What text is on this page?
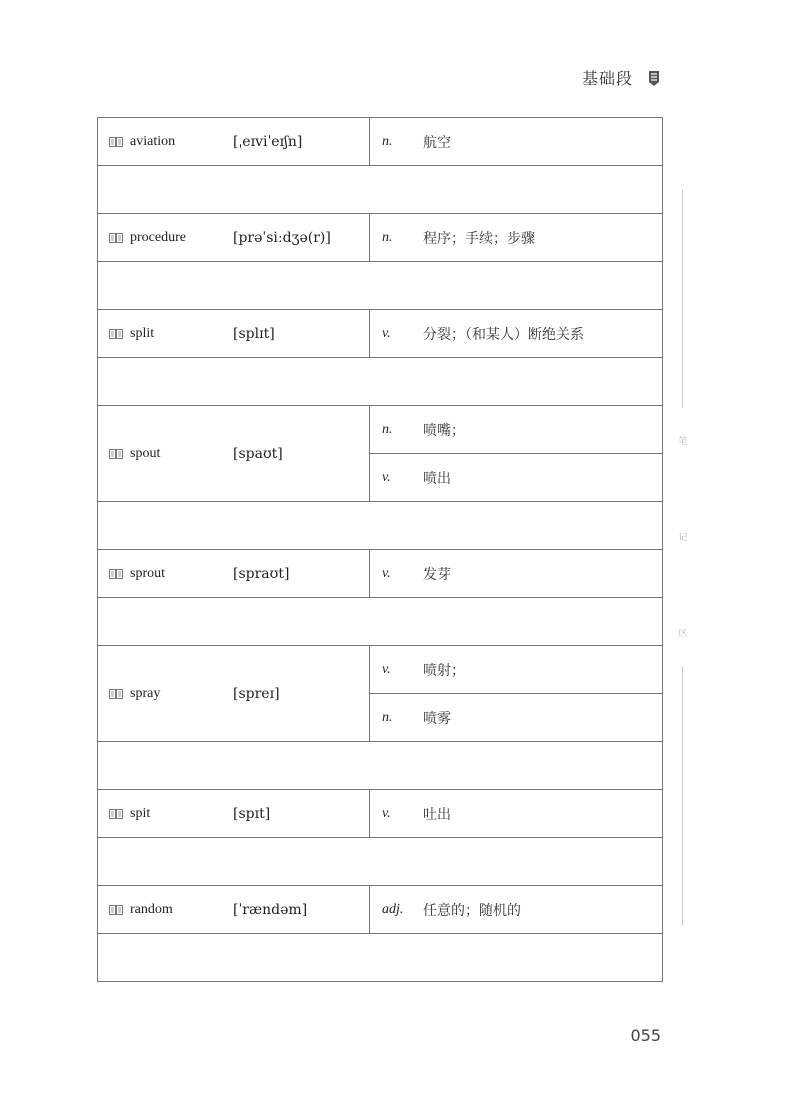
基础段
aviation [ˌeɪviˈeɪʃn]	n. 航空

procedure [prəˈsiːdʒə(r)]	n. 程序；手续；步骤

split [splɪt]	v. 分裂；（和某人）断绝关系

spout [spaʊt]	n. 喷嘴；

	v. 喷出

sprout [spraʊt]	v. 发芽

spray [spreɪ]	v. 喷射；

	n. 喷雾

spit [spɪt]	v. 吐出

random [ˈrændəm]	adj. 任意的；随机的

笔
记
区
055
